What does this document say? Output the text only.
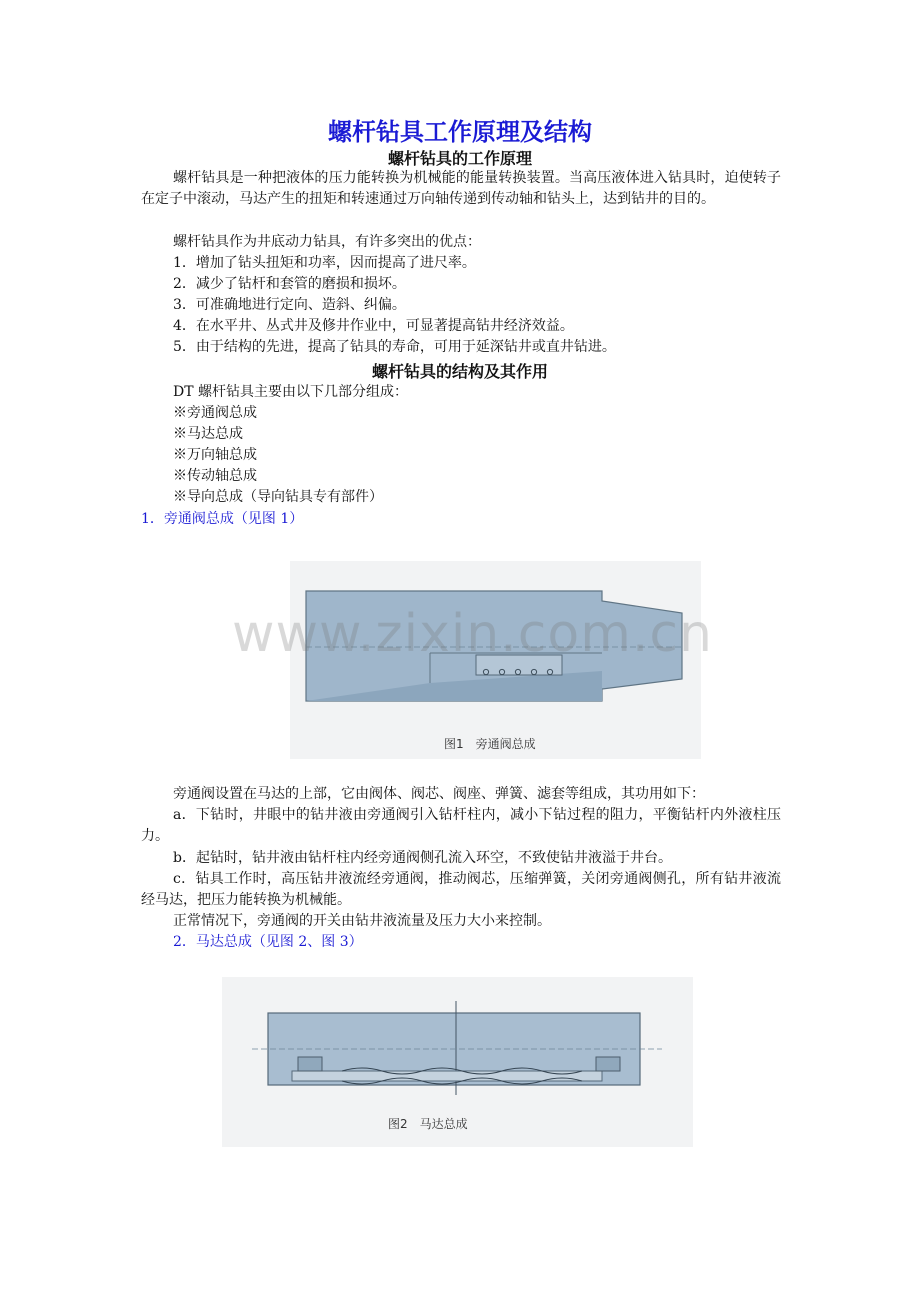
螺杆钻具工作原理及结构
螺杆钻具的工作原理

螺杆钻具是一种把液体的压力能转换为机械能的能量转换装置。当高压液体进入钻具时，迫使转子在定子中滚动，马达产生的扭矩和转速通过万向轴传递到传动轴和钻头上，达到钻井的目的。

螺杆钻具作为井底动力钻具，有许多突出的优点：
1．增加了钻头扭矩和功率，因而提高了进尺率。
2．减少了钻杆和套管的磨损和损坏。
3．可准确地进行定向、造斜、纠偏。
4．在水平井、丛式井及修井作业中，可显著提高钻井经济效益。
5．由于结构的先进，提高了钻具的寿命，可用于延深钻井或直井钻进。
螺杆钻具的结构及其作用
DT 螺杆钻具主要由以下几部分组成：
※旁通阀总成
※马达总成
※万向轴总成
※传动轴总成
※导向总成（导向钻具专有部件）
1．旁通阀总成（见图 1）
图1　旁通阀总成
www.zixin.com.cn
旁通阀设置在马达的上部，它由阀体、阀芯、阀座、弹簧、滤套等组成，其功用如下：

a．下钻时，井眼中的钻井液由旁通阀引入钻杆柱内，减小下钻过程的阻力，平衡钻杆内外液柱压力。

b．起钻时，钻井液由钻杆柱内经旁通阀侧孔流入环空，不致使钻井液溢于井台。

c．钻具工作时，高压钻井液流经旁通阀，推动阀芯，压缩弹簧，关闭旁通阀侧孔，所有钻井液流经马达，把压力能转换为机械能。

正常情况下，旁通阀的开关由钻井液流量及压力大小来控制。
2．马达总成（见图 2、图 3）
图2　马达总成
